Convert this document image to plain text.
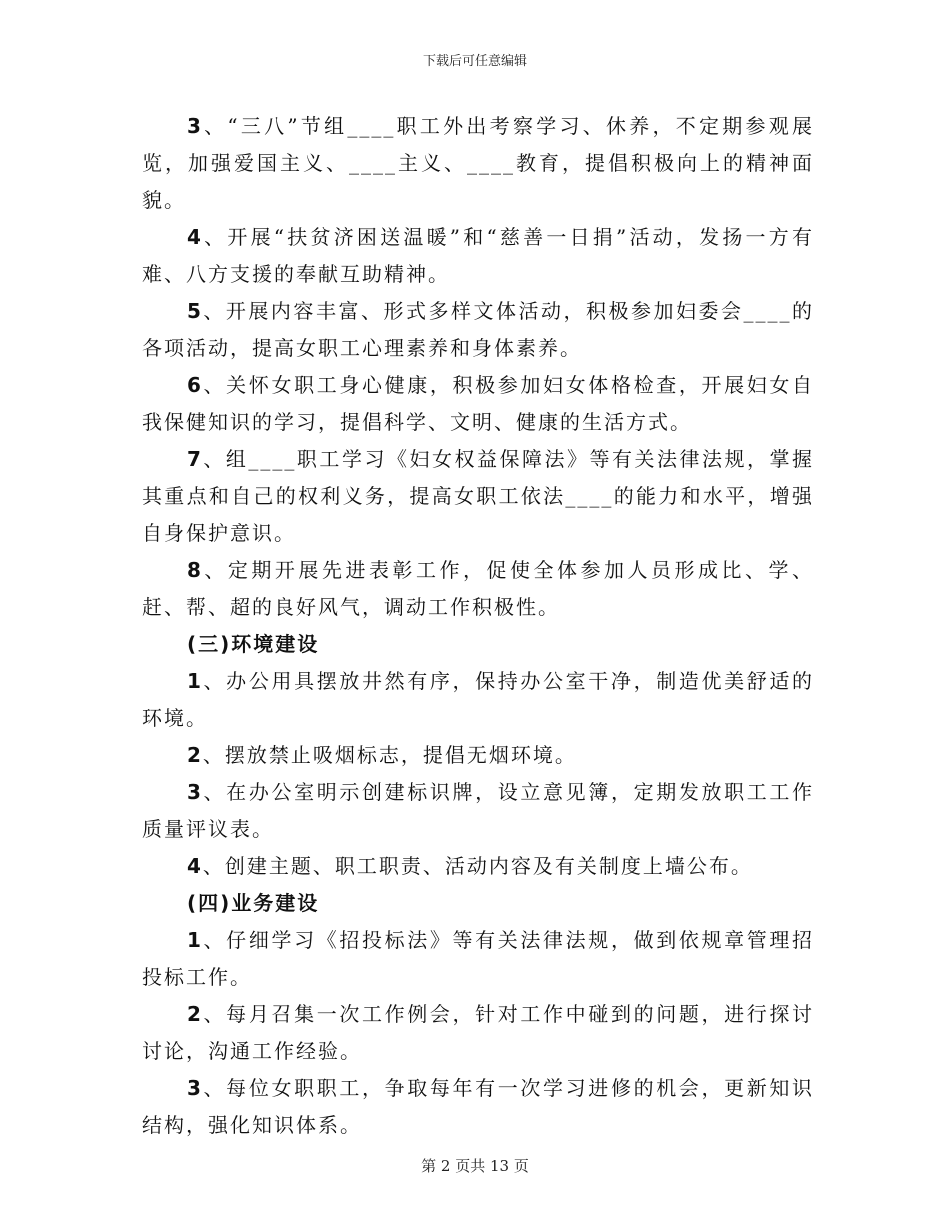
下载后可任意编辑

3、“三八”节组____职工外出考察学习、休养，不定期参观展览，加强爱国主义、____主义、____教育，提倡积极向上的精神面貌。

4、开展“扶贫济困送温暖”和“慈善一日捐”活动，发扬一方有难、八方支援的奉献互助精神。

5、开展内容丰富、形式多样文体活动，积极参加妇委会____的各项活动，提高女职工心理素养和身体素养。

6、关怀女职工身心健康，积极参加妇女体格检查，开展妇女自我保健知识的学习，提倡科学、文明、健康的生活方式。

7、组____职工学习《妇女权益保障法》等有关法律法规，掌握其重点和自己的权利义务，提高女职工依法____的能力和水平，增强自身保护意识。

8、定期开展先进表彰工作，促使全体参加人员形成比、学、赶、帮、超的良好风气，调动工作积极性。

(三)环境建设

1、办公用具摆放井然有序，保持办公室干净，制造优美舒适的环境。

2、摆放禁止吸烟标志，提倡无烟环境。

3、在办公室明示创建标识牌，设立意见簿，定期发放职工工作质量评议表。

4、创建主题、职工职责、活动内容及有关制度上墙公布。

(四)业务建设

1、仔细学习《招投标法》等有关法律法规，做到依规章管理招投标工作。

2、每月召集一次工作例会，针对工作中碰到的问题，进行探讨讨论，沟通工作经验。

3、每位女职职工，争取每年有一次学习进修的机会，更新知识结构，强化知识体系。

第 2 页共 13 页
